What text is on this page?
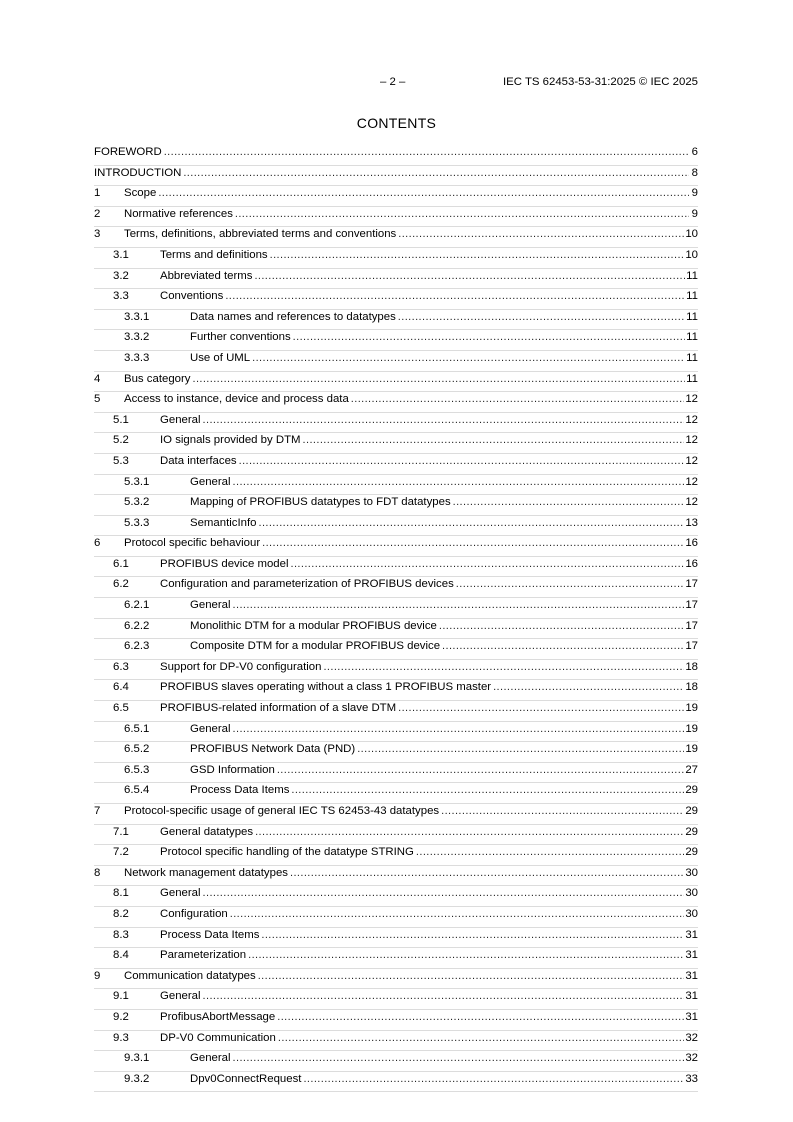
– 2 –	IEC TS 62453-53-31:2025 © IEC 2025
CONTENTS
FOREWORD .....	6
INTRODUCTION .....	8
1	Scope .....	9
2	Normative references .....	9
3	Terms, definitions, abbreviated terms and conventions .....	10
3.1	Terms and definitions .....	10
3.2	Abbreviated terms .....	11
3.3	Conventions .....	11
3.3.1	Data names and references to datatypes .....	11
3.3.2	Further conventions .....	11
3.3.3	Use of UML .....	11
4	Bus category .....	11
5	Access to instance, device and process data .....	12
5.1	General .....	12
5.2	IO signals provided by DTM .....	12
5.3	Data interfaces .....	12
5.3.1	General .....	12
5.3.2	Mapping of PROFIBUS datatypes to FDT datatypes .....	12
5.3.3	SemanticInfo .....	13
6	Protocol specific behaviour .....	16
6.1	PROFIBUS device model .....	16
6.2	Configuration and parameterization of PROFIBUS devices .....	17
6.2.1	General .....	17
6.2.2	Monolithic DTM for a modular PROFIBUS device .....	17
6.2.3	Composite DTM for a modular PROFIBUS device .....	17
6.3	Support for DP-V0 configuration .....	18
6.4	PROFIBUS slaves operating without a class 1 PROFIBUS master .....	18
6.5	PROFIBUS-related information of a slave DTM .....	19
6.5.1	General .....	19
6.5.2	PROFIBUS Network Data (PND) .....	19
6.5.3	GSD Information .....	27
6.5.4	Process Data Items .....	29
7	Protocol-specific usage of general IEC TS 62453-43 datatypes .....	29
7.1	General datatypes .....	29
7.2	Protocol specific handling of the datatype STRING .....	29
8	Network management datatypes .....	30
8.1	General .....	30
8.2	Configuration .....	30
8.3	Process Data Items .....	31
8.4	Parameterization .....	31
9	Communication datatypes .....	31
9.1	General .....	31
9.2	ProfibusAbortMessage .....	31
9.3	DP-V0 Communication .....	32
9.3.1	General .....	32
9.3.2	Dpv0ConnectRequest .....	33
